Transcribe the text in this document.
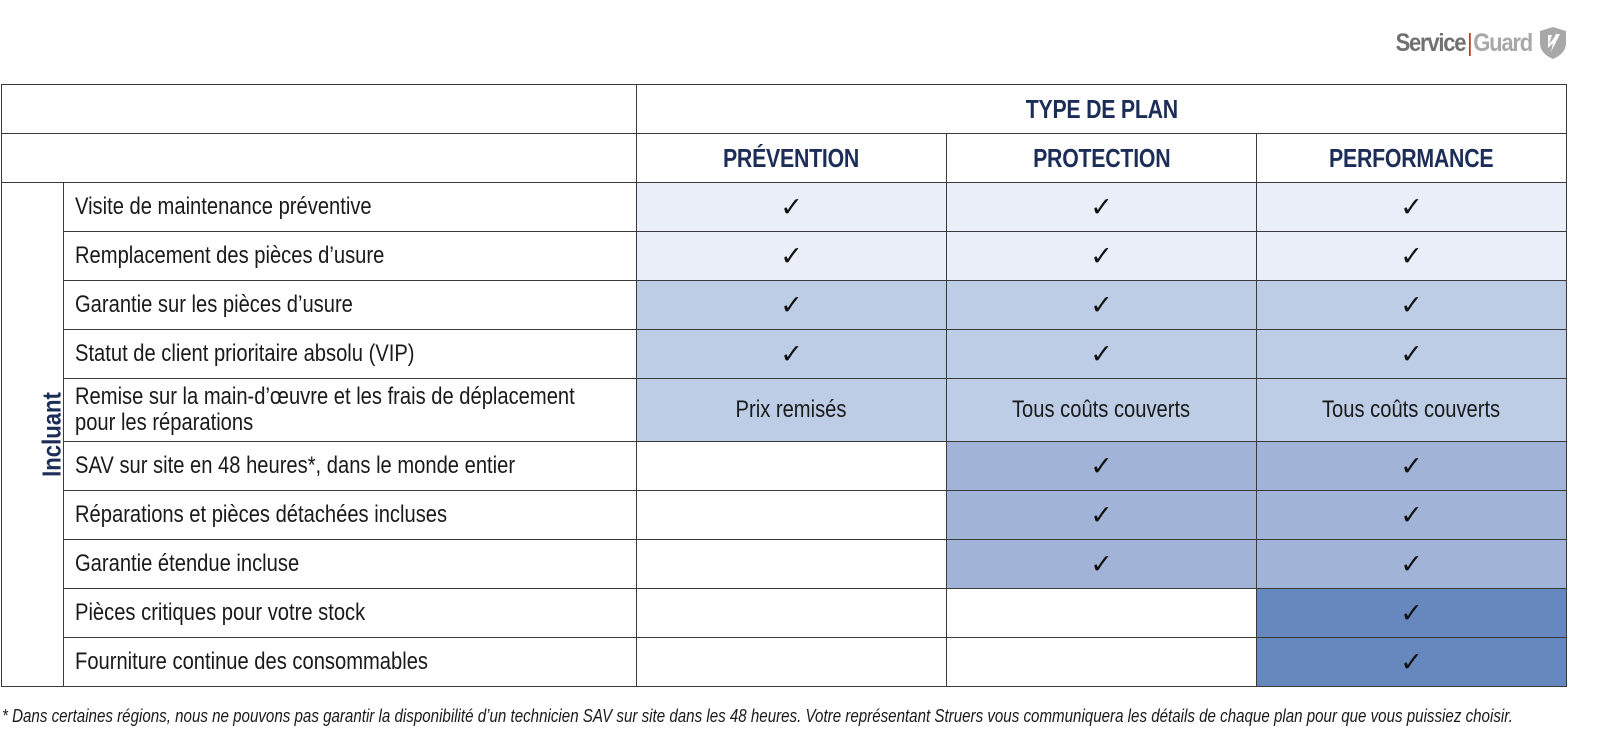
Service|Guard
		TYPE DE PLAN		
		PRÉVENTION	PROTECTION	PERFORMANCE
Incluant	Visite de maintenance préventive	✓	✓	✓
	Remplacement des pièces d’usure	✓	✓	✓
	Garantie sur les pièces d’usure	✓	✓	✓
	Statut de client prioritaire absolu (VIP)	✓	✓	✓
	Remise sur la main-d’œuvre et les frais de déplacement
pour les réparations	Prix remisés	Tous coûts couverts	Tous coûts couverts
	SAV sur site en 48 heures*, dans le monde entier		✓	✓
	Réparations et pièces détachées incluses		✓	✓
	Garantie étendue incluse		✓	✓
	Pièces critiques pour votre stock			✓
	Fourniture continue des consommables			✓
* Dans certaines régions, nous ne pouvons pas garantir la disponibilité d’un technicien SAV sur site dans les 48 heures. Votre représentant Struers vous communiquera les détails de chaque plan pour que vous puissiez choisir.
